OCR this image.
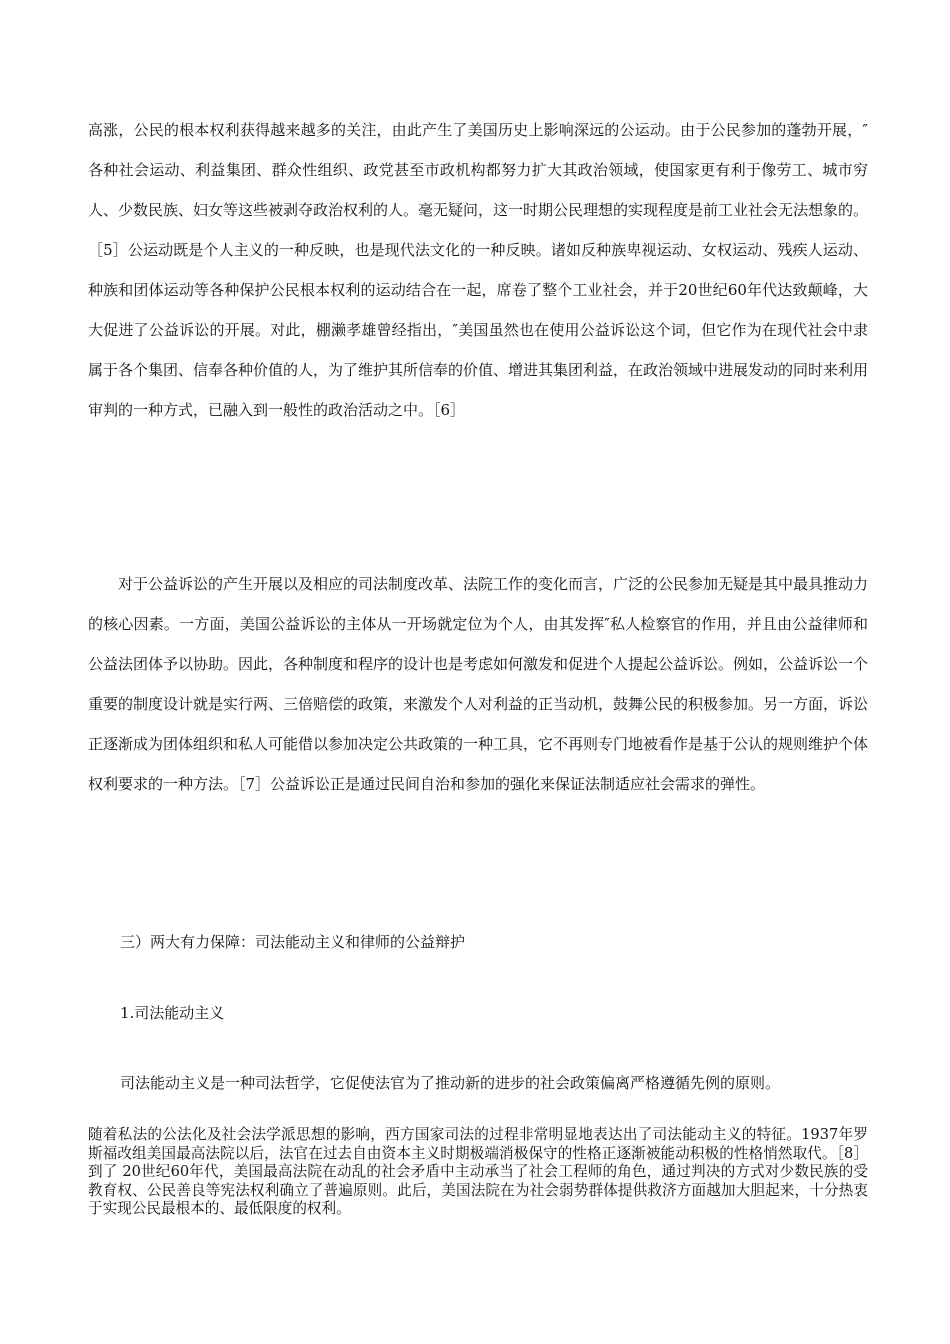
高涨，公民的根本权利获得越来越多的关注，由此产生了美国历史上影响深远的公运动。由于公民参加的蓬勃开展，″各种社会运动、利益集团、群众性组织、政党甚至市政机构都努力扩大其政治领域，使国家更有利于像劳工、城市穷人、少数民族、妇女等这些被剥夺政治权利的人。毫无疑问，这一时期公民理想的实现程度是前工业社会无法想象的。［5］公运动既是个人主义的一种反映，也是现代法文化的一种反映。诸如反种族卑视运动、女权运动、残疾人运动、种族和团体运动等各种保护公民根本权利的运动结合在一起，席卷了整个工业社会，并于20世纪60年代达致颠峰，大大促进了公益诉讼的开展。对此，棚濑孝雄曾经指出，″美国虽然也在使用公益诉讼这个词，但它作为在现代社会中隶属于各个集团、信奉各种价值的人，为了维护其所信奉的价值、增进其集团利益，在政治领域中进展发动的同时来利用审判的一种方式，已融入到一般性的政治活动之中。［6］

对于公益诉讼的产生开展以及相应的司法制度改革、法院工作的变化而言，广泛的公民参加无疑是其中最具推动力的核心因素。一方面，美国公益诉讼的主体从一开场就定位为个人，由其发挥″私人检察官的作用，并且由公益律师和公益法团体予以协助。因此，各种制度和程序的设计也是考虑如何激发和促进个人提起公益诉讼。例如，公益诉讼一个重要的制度设计就是实行两、三倍赔偿的政策，来激发个人对利益的正当动机，鼓舞公民的积极参加。另一方面，诉讼正逐渐成为团体组织和私人可能借以参加决定公共政策的一种工具，它不再则专门地被看作是基于公认的规则维护个体权利要求的一种方法。［7］公益诉讼正是通过民间自治和参加的强化来保证法制适应社会需求的弹性。

三）两大有力保障：司法能动主义和律师的公益辩护

1.司法能动主义

司法能动主义是一种司法哲学，它促使法官为了推动新的进步的社会政策偏离严格遵循先例的原则。

随着私法的公法化及社会法学派思想的影响，西方国家司法的过程非常明显地表达出了司法能动主义的特征。1937年罗斯福改组美国最高法院以后，法官在过去自由资本主义时期极端消极保守的性格正逐渐被能动积极的性格悄然取代。［8］到了 20世纪60年代，美国最高法院在动乱的社会矛盾中主动承当了社会工程师的角色，通过判决的方式对少数民族的受教育权、公民善良等宪法权利确立了普遍原则。此后，美国法院在为社会弱势群体提供救济方面越加大胆起来，十分热衷于实现公民最根本的、最低限度的权利。
